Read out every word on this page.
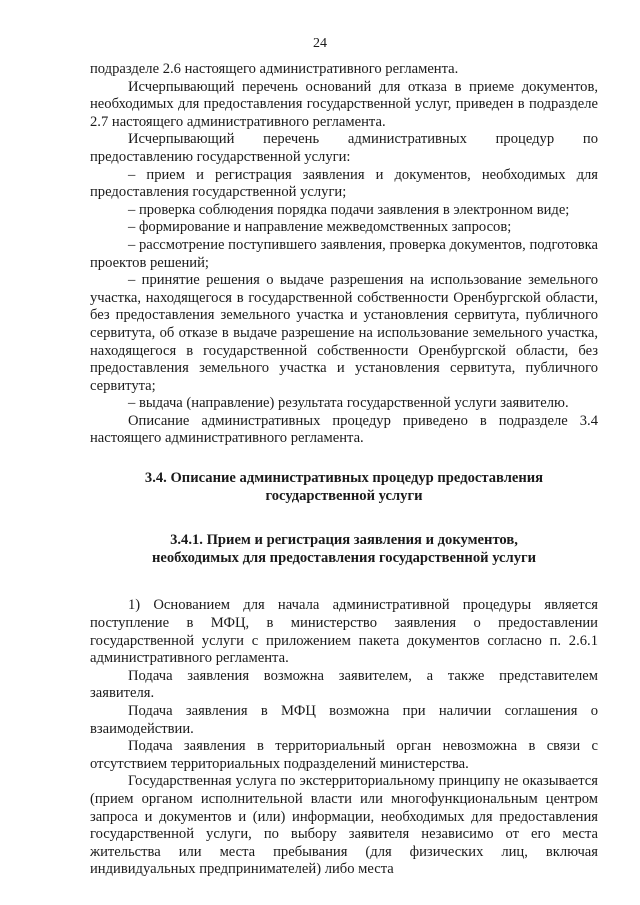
24

подразделе 2.6 настоящего административного регламента.

Исчерпывающий перечень оснований для отказа в приеме документов, необходимых для предоставления государственной услуг, приведен в подразделе 2.7 настоящего административного регламента.

Исчерпывающий перечень административных процедур по предоставлению государственной услуги:

– прием и регистрация заявления и документов, необходимых для предоставления государственной услуги;

– проверка соблюдения порядка подачи заявления в электронном виде;

– формирование и направление межведомственных запросов;

– рассмотрение поступившего заявления, проверка документов, подготовка проектов решений;

– принятие решения о выдаче разрешения на использование земельного участка, находящегося в государственной собственности Оренбургской области, без предоставления земельного участка и установления сервитута, публичного сервитута, об отказе в выдаче разрешение на использование земельного участка, находящегося в государственной собственности Оренбургской области, без предоставления земельного участка и установления сервитута, публичного сервитута;

– выдача (направление) результата государственной услуги заявителю.

Описание административных процедур приведено в подразделе 3.4 настоящего административного регламента.

3.4. Описание административных процедур предоставления
государственной услуги
3.4.1. Прием и регистрация заявления и документов,
необходимых для предоставления государственной услуги

1) Основанием для начала административной процедуры является поступление в МФЦ, в министерство заявления о предоставлении государственной услуги с приложением пакета документов согласно п. 2.6.1 административного регламента.

Подача заявления возможна заявителем, а также представителем заявителя.

Подача заявления в МФЦ возможна при наличии соглашения о взаимодействии.

Подача заявления в территориальный орган невозможна в связи с отсутствием территориальных подразделений министерства.

Государственная услуга по экстерриториальному принципу не оказывается (прием органом исполнительной власти или многофункциональным центром запроса и документов и (или) информации, необходимых для предоставления государственной услуги, по выбору заявителя независимо от его места жительства или места пребывания (для физических лиц, включая индивидуальных предпринимателей) либо места
